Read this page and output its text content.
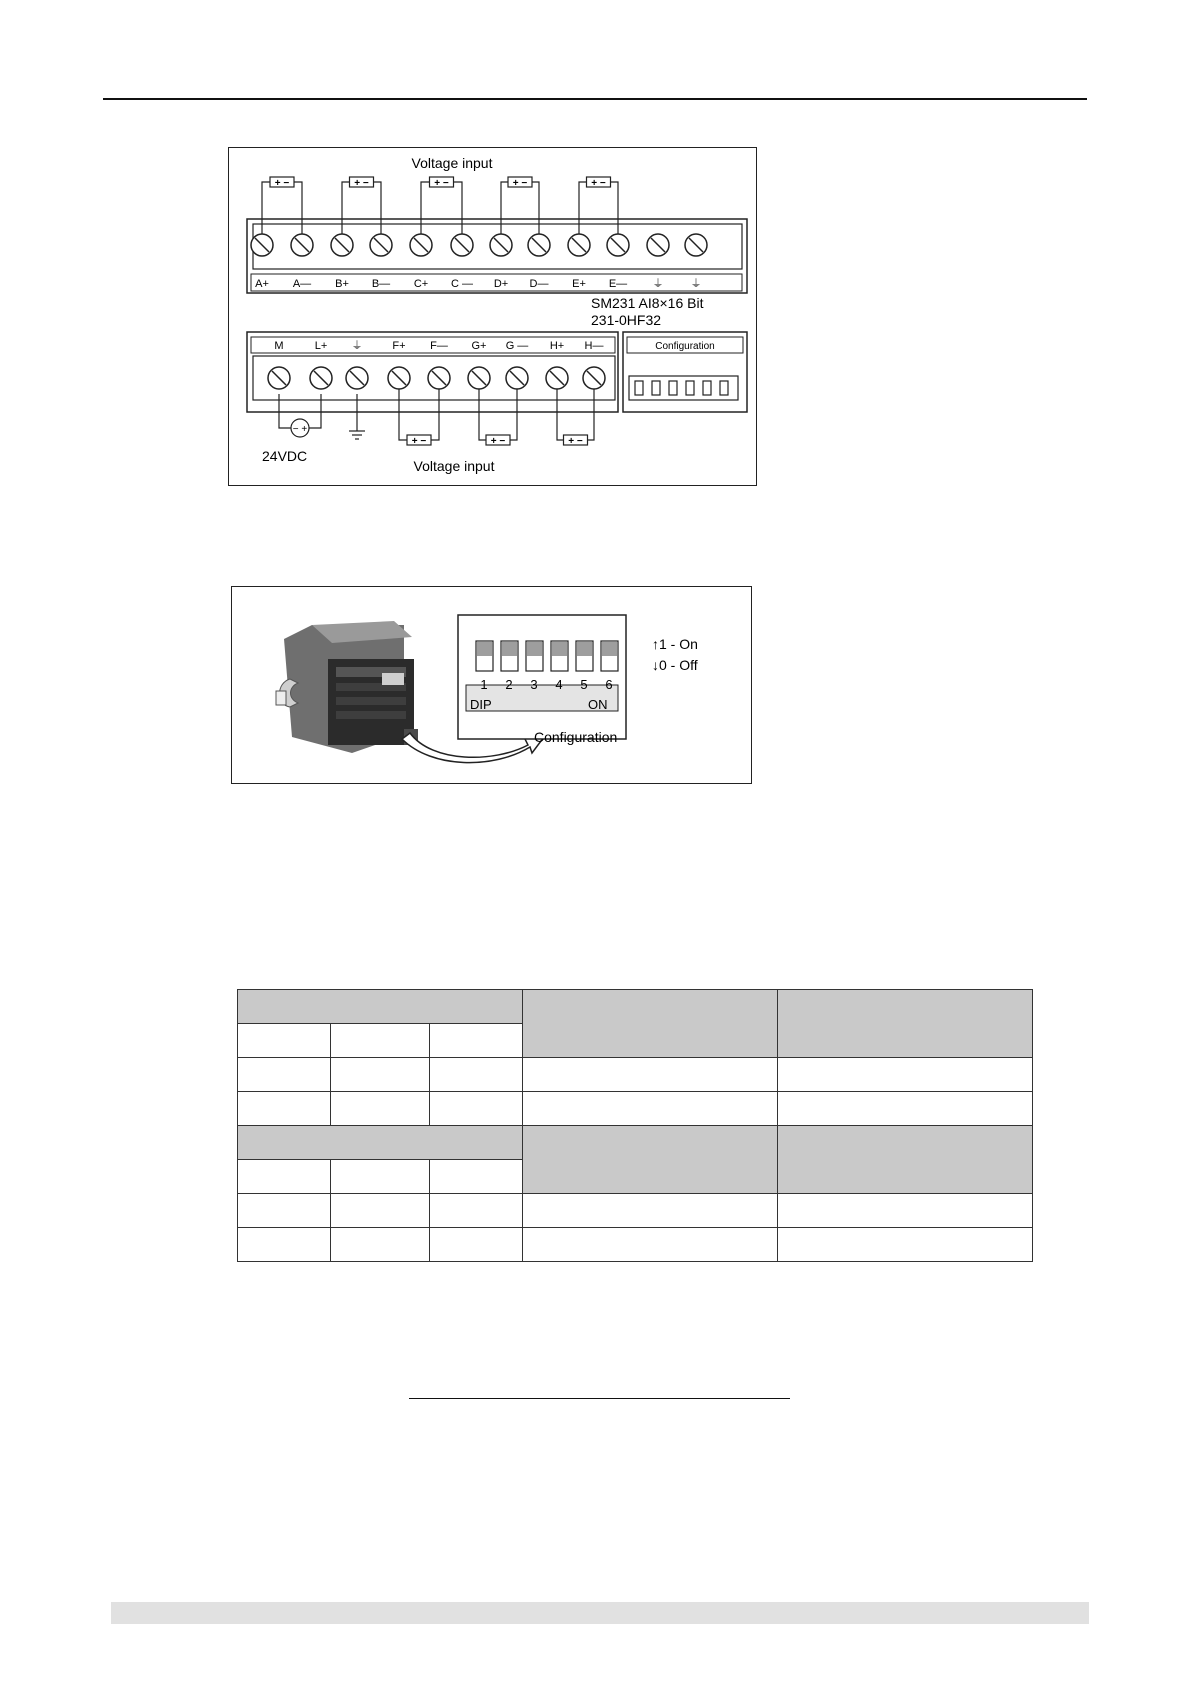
Voltage input
+ −	+ −	+ −	+ −	+ −
A+ A— B+ B— C+ C — D+ D— E+ E— ⏚ ⏚
SM231 AI8×16 Bit
231-0HF32
M	L+ ⏚	F+ F— G+ G — H+ H—	Configuration
− +
24VDC
+ −	+ −	+ −
Voltage input
1 2 3 4 5 6
DIP	ON
↑1 - On
↓0 - Off
Configuration
